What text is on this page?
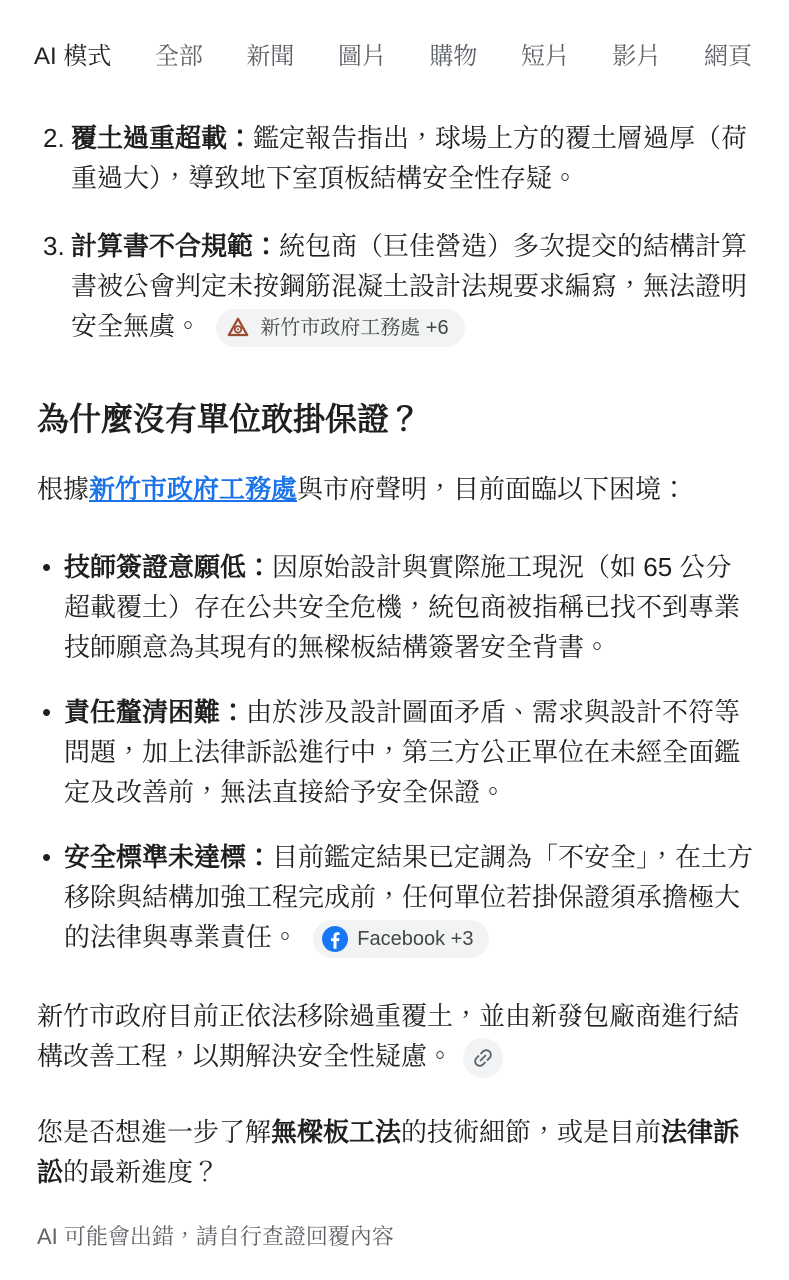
AI 模式 全部 新聞 圖片 購物 短片 影片 網頁
2. 覆土過重超載：鑑定報告指出，球場上方的覆土層過厚（荷重過大），導致地下室頂板結構安全性存疑。
3. 計算書不合規範：統包商（巨佳營造）多次提交的結構計算書被公會判定未按鋼筋混凝土設計法規要求編寫，無法證明安全無虞。	新竹市政府工務處 +6
為什麼沒有單位敢掛保證？

根據新竹市政府工務處與市府聲明，目前面臨以下困境：

• 技師簽證意願低：因原始設計與實際施工現況（如 65 公分超載覆土）存在公共安全危機，統包商被指稱已找不到專業技師願意為其現有的無樑板結構簽署安全背書。
• 責任釐清困難：由於涉及設計圖面矛盾、需求與設計不符等問題，加上法律訴訟進行中，第三方公正單位在未經全面鑑定及改善前，無法直接給予安全保證。
• 安全標準未達標：目前鑑定結果已定調為「不安全」，在土方移除與結構加強工程完成前，任何單位若掛保證須承擔極大的法律與專業責任。	Facebook +3

新竹市政府目前正依法移除過重覆土，並由新發包廠商進行結構改善工程，以期解決安全性疑慮。

您是否想進一步了解無樑板工法的技術細節，或是目前法律訴訟的最新進度？

AI 可能會出錯，請自行查證回覆內容
